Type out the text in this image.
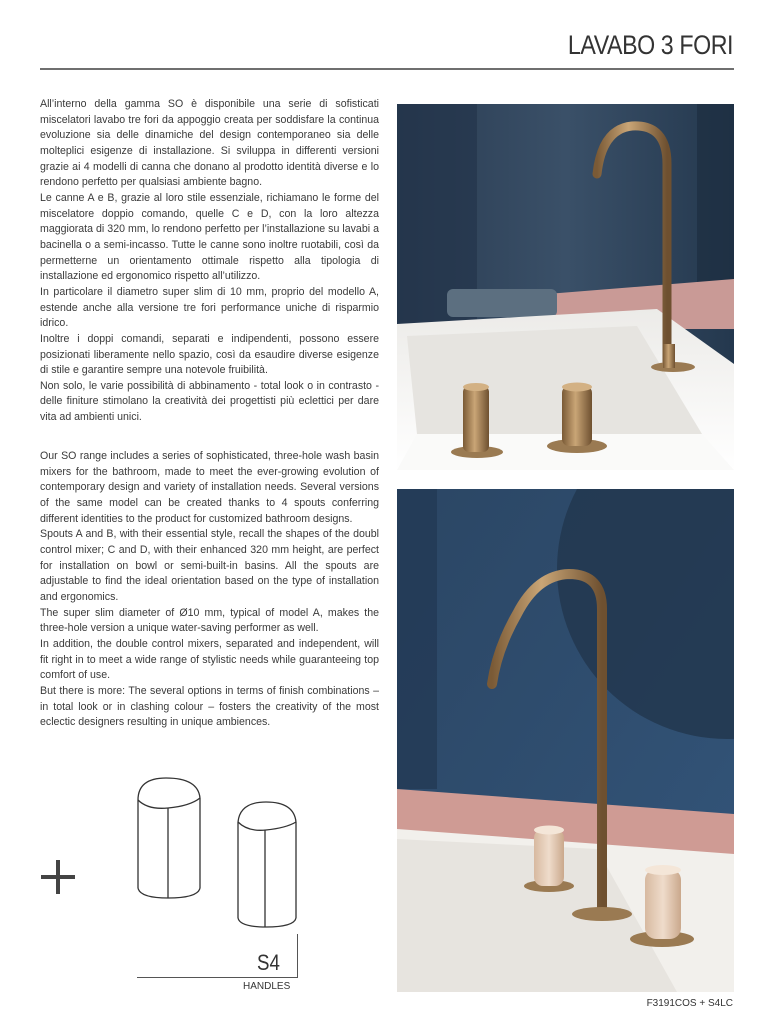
LAVABO 3 FORI

All’interno della gamma SO è disponibile una serie di sofisticati miscelatori lavabo tre fori da appoggio creata per soddisfare la continua evoluzione sia delle dinamiche del design contemporaneo sia delle molteplici esigenze di installazione. Si sviluppa in differenti versioni grazie ai 4 modelli di canna che donano al prodotto identità diverse e lo rendono perfetto per qualsiasi ambiente bagno.

Le canne A e B, grazie al loro stile essenziale, richiamano le forme del miscelatore doppio comando, quelle C e D, con la loro altezza maggiorata di 320 mm, lo rendono perfetto per l’installazione su lavabi a bacinella o a semi-incasso. Tutte le canne sono inoltre ruotabili, così da permetterne un orientamento ottimale rispetto alla tipologia di installazione ed ergonomico rispetto all’utilizzo.

In particolare il diametro super slim di 10 mm, proprio del modello A, estende anche alla versione tre fori performance uniche di risparmio idrico.

Inoltre i doppi comandi, separati e indipendenti, possono essere posizionati liberamente nello spazio, così da esaudire diverse esigenze di stile e garantire sempre una notevole fruibilità.

Non solo, le varie possibilità di abbinamento - total look o in contrasto - delle finiture stimolano la creatività dei progettisti più eclettici per dare vita ad ambienti unici.

Our SO range includes a series of sophisticated, three-hole wash basin mixers for the bathroom, made to meet the ever-growing evolution of contemporary design and variety of installation needs. Several versions of the same model can be created thanks to 4 spouts conferring different identities to the product for customized bathroom designs.

Spouts A and B, with their essential style, recall the shapes of the doubl control mixer; C and D, with their enhanced 320 mm height, are perfect for installation on bowl or semi-built-in basins. All the spouts are adjustable to find the ideal orientation based on the type of installation and ergonomics.

The super slim diameter of Ø10 mm, typical of model A, makes the three-hole version a unique water-saving performer as well.

In addition, the double control mixers, separated and independent, will fit right in to meet a wide range of stylistic needs while guaranteeing top comfort of use.

But there is more: The several options in terms of finish combinations – in total look or in clashing colour – fosters the creativity of the most eclectic designers resulting in unique ambiences.

S4
HANDLES
F3191COS + S4LC
